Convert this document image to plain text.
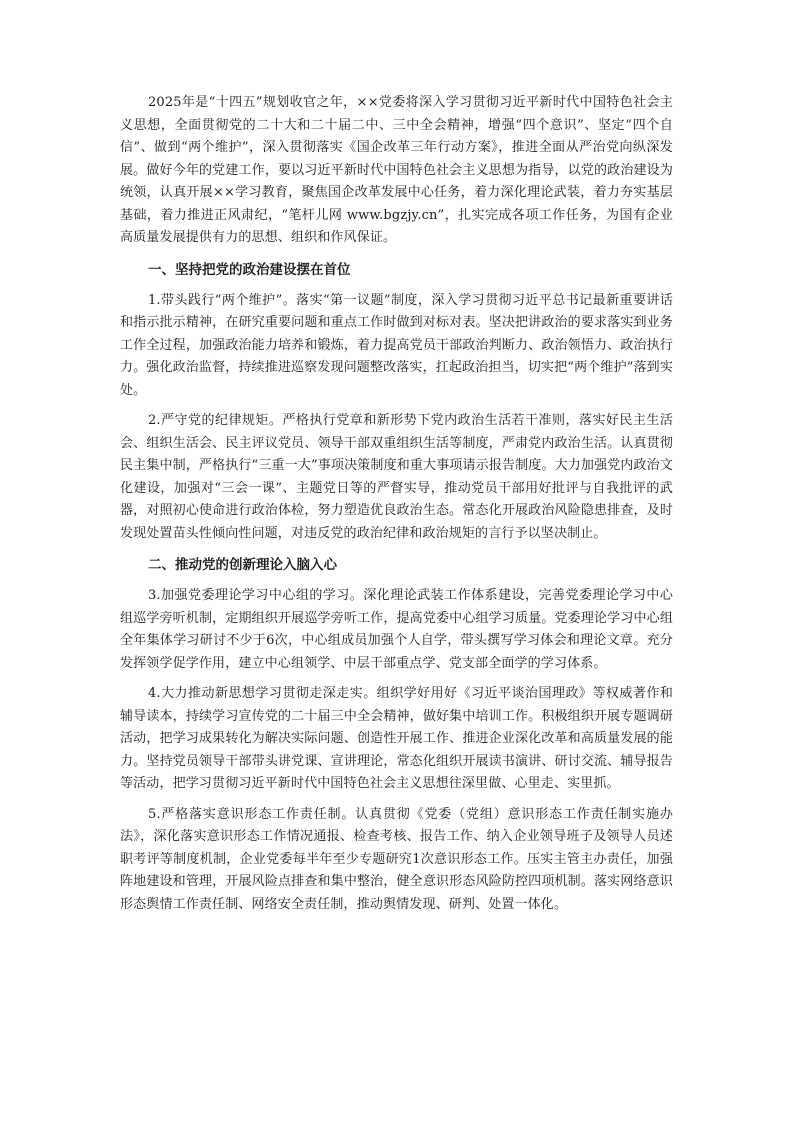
2025年是“十四五”规划收官之年，××党委将深入学习贯彻习近平新时代中国特色社会主义思想，全面贯彻党的二十大和二十届二中、三中全会精神，增强“四个意识”、坚定“四个自信”、做到“两个维护”，深入贯彻落实《国企改革三年行动方案》，推进全面从严治党向纵深发展。做好今年的党建工作，要以习近平新时代中国特色社会主义思想为指导，以党的政治建设为统领，认真开展××学习教育，聚焦国企改革发展中心任务，着力深化理论武装，着力夯实基层基础，着力推进正风肃纪，“笔杆儿网 www.bgzjy.cn”，扎实完成各项工作任务，为国有企业高质量发展提供有力的思想、组织和作风保证。

一、坚持把党的政治建设摆在首位

1.带头践行“两个维护”。落实“第一议题”制度，深入学习贯彻习近平总书记最新重要讲话和指示批示精神，在研究重要问题和重点工作时做到对标对表。坚决把讲政治的要求落实到业务工作全过程，加强政治能力培养和锻炼，着力提高党员干部政治判断力、政治领悟力、政治执行力。强化政治监督，持续推进巡察发现问题整改落实，扛起政治担当，切实把“两个维护”落到实处。

2.严守党的纪律规矩。严格执行党章和新形势下党内政治生活若干准则，落实好民主生活会、组织生活会、民主评议党员、领导干部双重组织生活等制度，严肃党内政治生活。认真贯彻民主集中制，严格执行“三重一大”事项决策制度和重大事项请示报告制度。大力加强党内政治文化建设，加强对“三会一课”、主题党日等的严督实导，推动党员干部用好批评与自我批评的武器，对照初心使命进行政治体检，努力塑造优良政治生态。常态化开展政治风险隐患排查，及时发现处置苗头性倾向性问题，对违反党的政治纪律和政治规矩的言行予以坚决制止。

二、推动党的创新理论入脑入心

3.加强党委理论学习中心组的学习。深化理论武装工作体系建设，完善党委理论学习中心组巡学旁听机制，定期组织开展巡学旁听工作，提高党委中心组学习质量。党委理论学习中心组全年集体学习研讨不少于6次，中心组成员加强个人自学，带头撰写学习体会和理论文章。充分发挥领学促学作用，建立中心组领学、中层干部重点学、党支部全面学的学习体系。

4.大力推动新思想学习贯彻走深走实。组织学好用好《习近平谈治国理政》等权威著作和辅导读本，持续学习宣传党的二十届三中全会精神，做好集中培训工作。积极组织开展专题调研活动，把学习成果转化为解决实际问题、创造性开展工作、推进企业深化改革和高质量发展的能力。坚持党员领导干部带头讲党课、宣讲理论，常态化组织开展读书演讲、研讨交流、辅导报告等活动，把学习贯彻习近平新时代中国特色社会主义思想往深里做、心里走、实里抓。

5.严格落实意识形态工作责任制。认真贯彻《党委（党组）意识形态工作责任制实施办法》，深化落实意识形态工作情况通报、检查考核、报告工作、纳入企业领导班子及领导人员述职考评等制度机制，企业党委每半年至少专题研究1次意识形态工作。压实主管主办责任，加强阵地建设和管理，开展风险点排查和集中整治，健全意识形态风险防控四项机制。落实网络意识形态舆情工作责任制、网络安全责任制，推动舆情发现、研判、处置一体化。
